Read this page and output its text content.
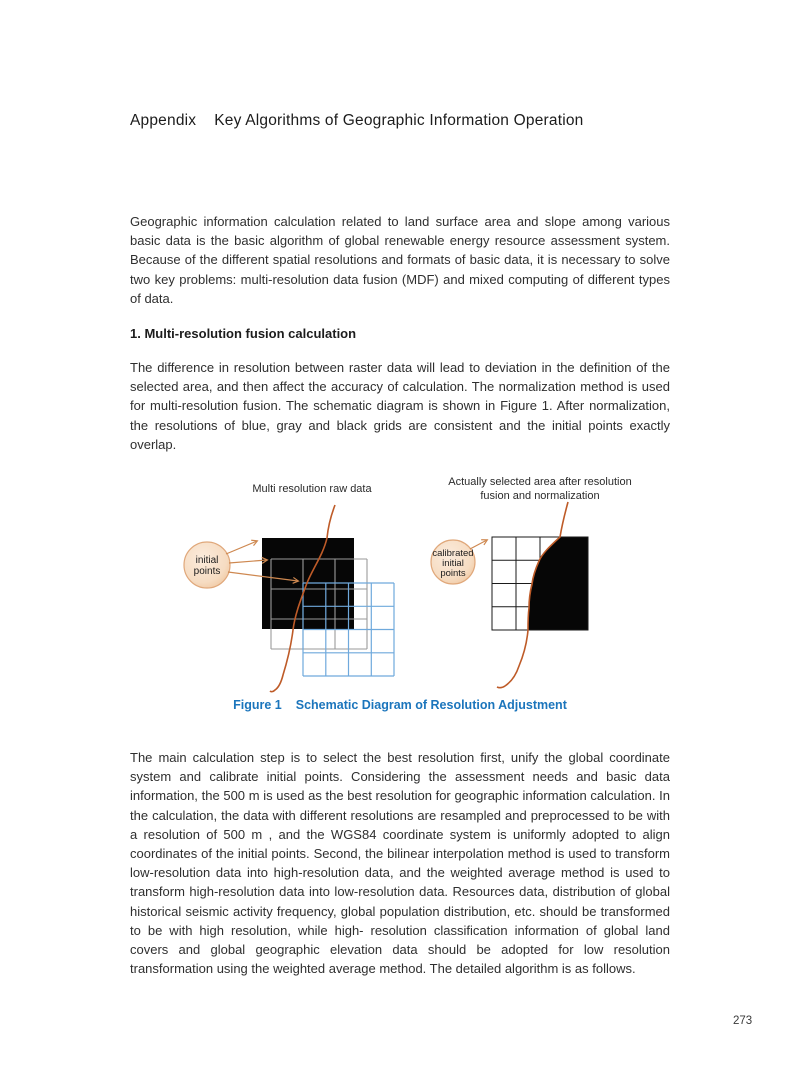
Appendix Key Algorithms of Geographic Information Operation

Geographic information calculation related to land surface area and slope among various basic data is the basic algorithm of global renewable energy resource assessment system. Because of the different spatial resolutions and formats of basic data, it is necessary to solve two key problems: multi-resolution data fusion (MDF) and mixed computing of different types of data.

1. Multi-resolution fusion calculation

The difference in resolution between raster data will lead to deviation in the definition of the selected area, and then affect the accuracy of calculation. The normalization method is used for multi-resolution fusion. The schematic diagram is shown in Figure 1. After normalization, the resolutions of blue, gray and black grids are consistent and the initial points exactly overlap.

Multi resolution raw data
Actually selected area after resolution
fusion and normalization
initial
points
calibrated
initial
points
Figure 1 Schematic Diagram of Resolution Adjustment

The main calculation step is to select the best resolution first, unify the global coordinate system and calibrate initial points. Considering the assessment needs and basic data information, the 500 m is used as the best resolution for geographic information calculation. In the calculation, the data with different resolutions are resampled and preprocessed to be with a resolution of 500 m , and the WGS84 coordinate system is uniformly adopted to align coordinates of the initial points. Second, the bilinear interpolation method is used to transform low-resolution data into high-resolution data, and the weighted average method is used to transform high-resolution data into low-resolution data. Resources data, distribution of global historical seismic activity frequency, global population distribution, etc. should be transformed to be with high resolution, while high- resolution classification information of global land covers and global geographic elevation data should be adopted for low resolution transformation using the weighted average method. The detailed algorithm is as follows.

273
